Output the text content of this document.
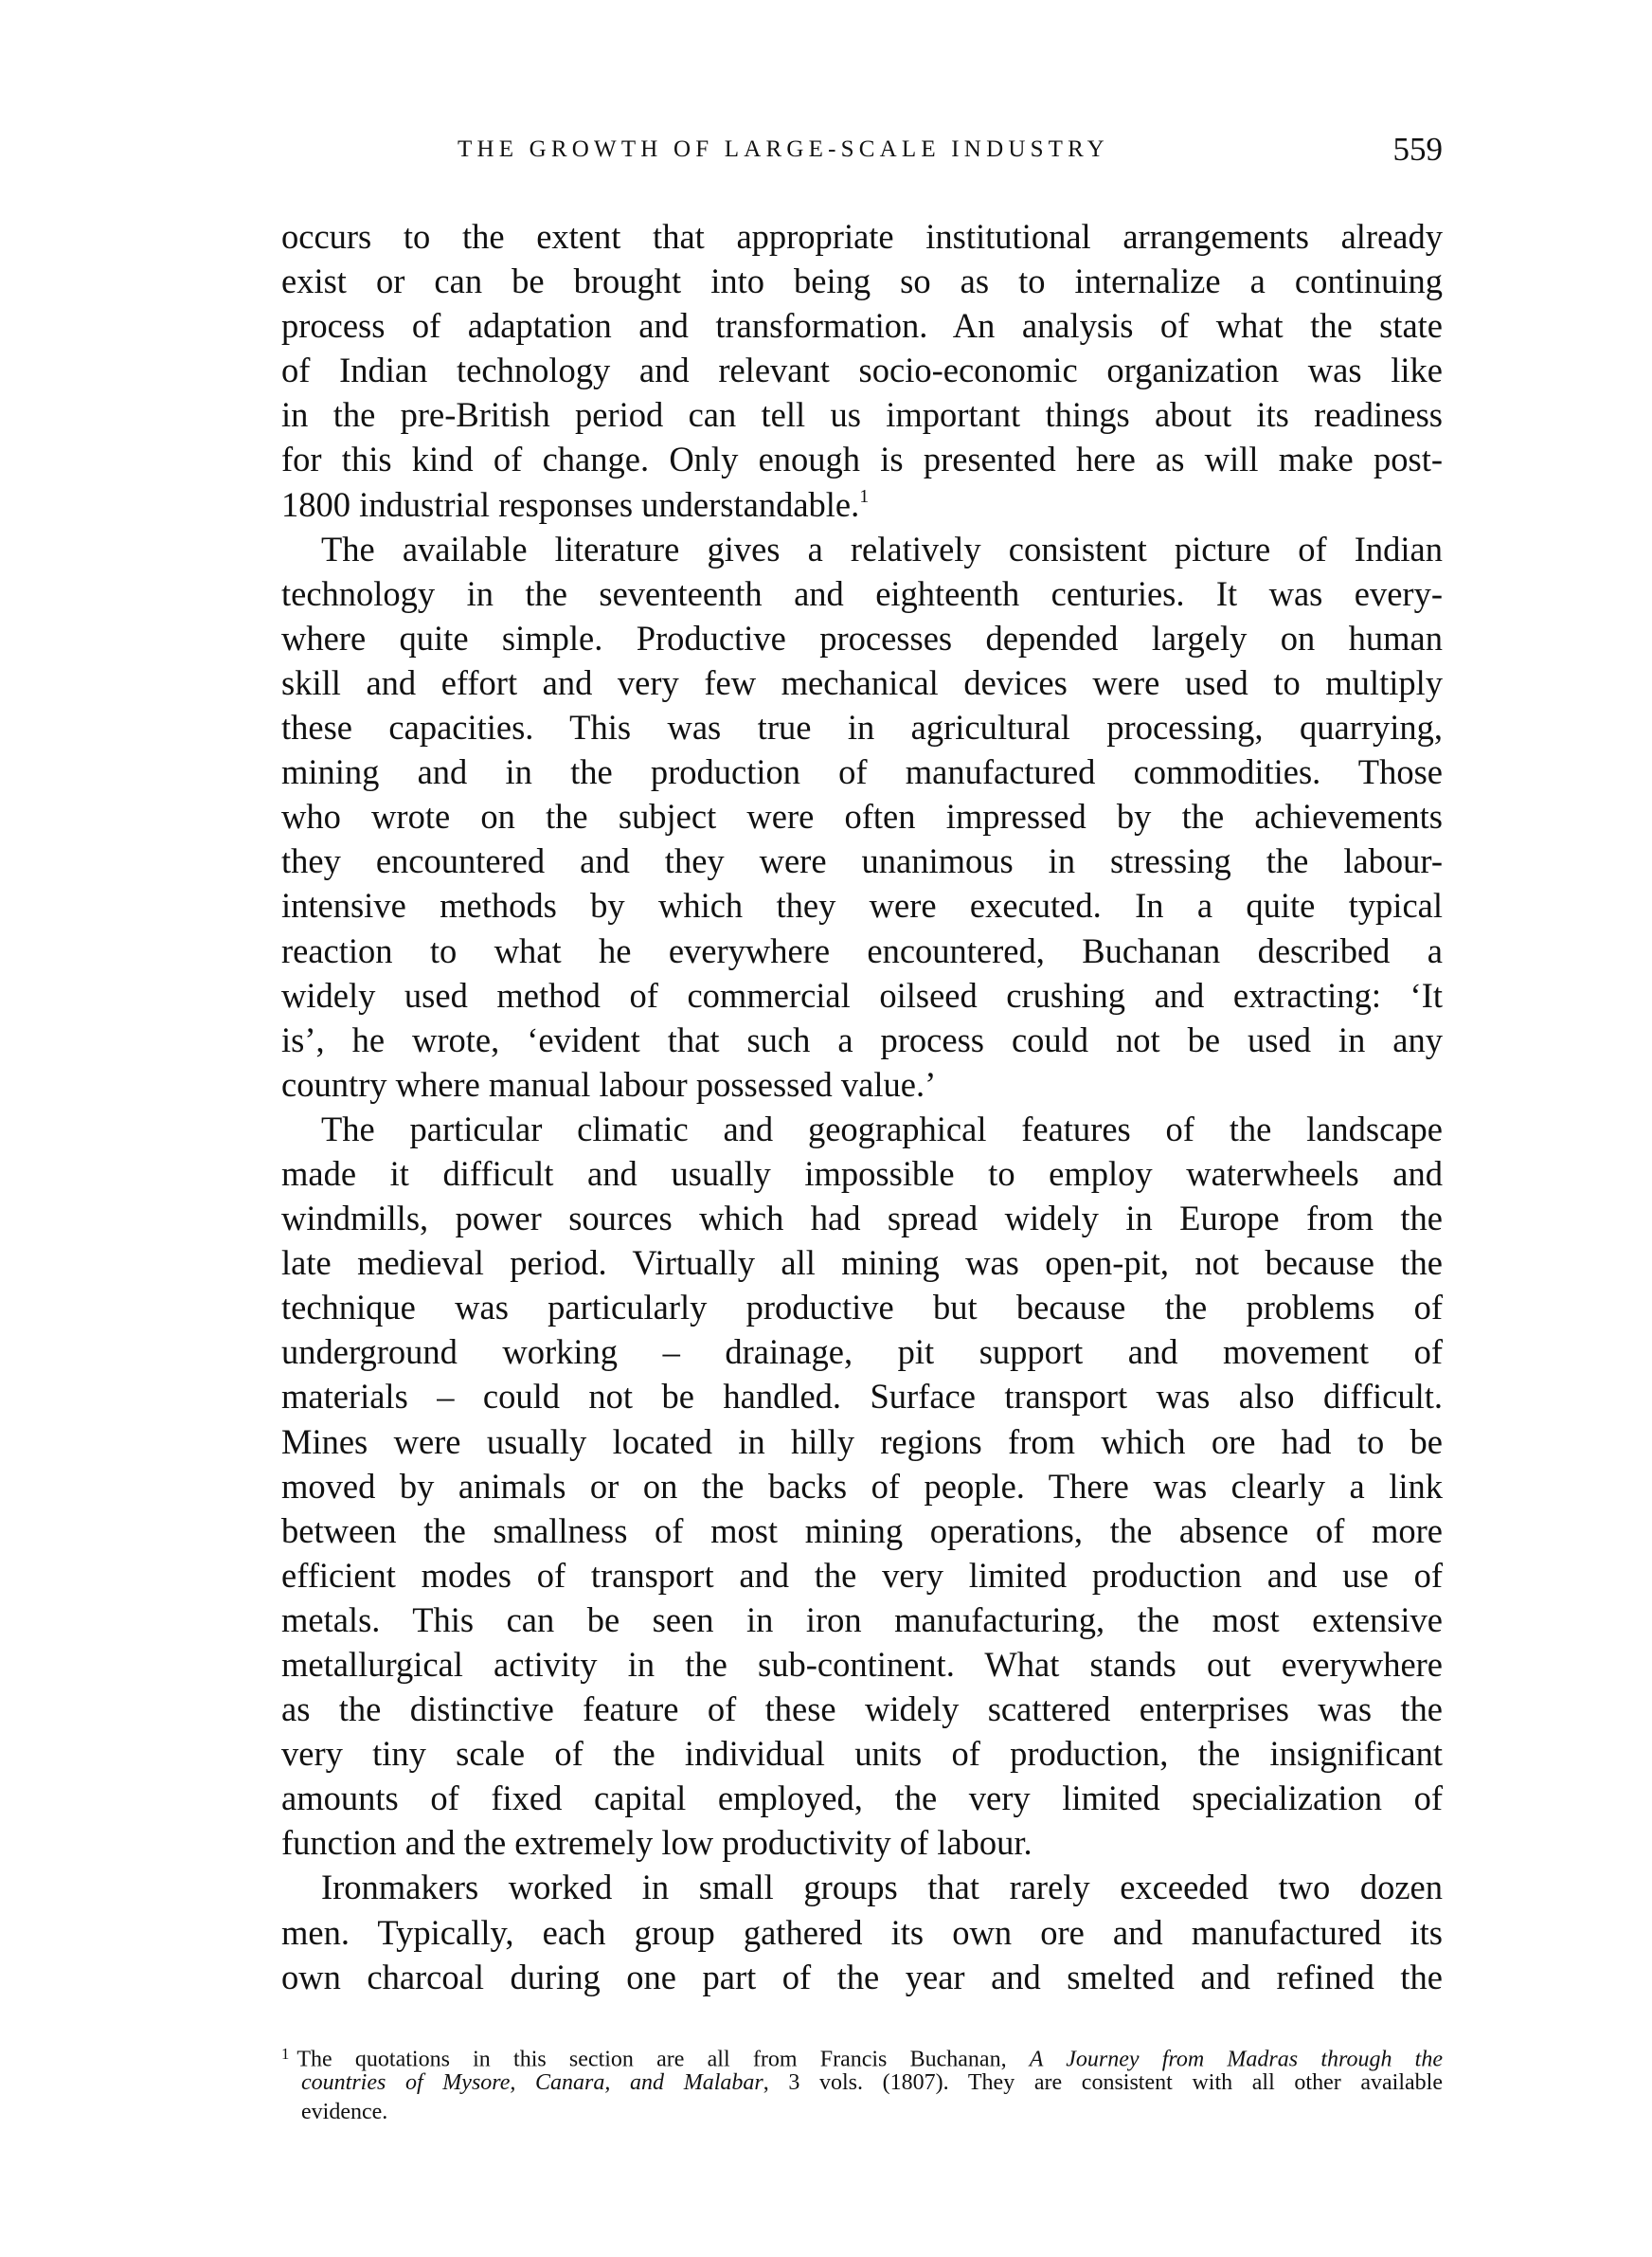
THE GROWTH OF LARGE-SCALE INDUSTRY	559
occurs to the extent that appropriate institutional arrangements already
exist or can be brought into being so as to internalize a continuing
process of adaptation and transformation. An analysis of what the state
of Indian technology and relevant socio-economic organization was like
in the pre-British period can tell us important things about its readiness
for this kind of change. Only enough is presented here as will make post-
1800 industrial responses understandable.$^1$
The available literature gives a relatively consistent picture of Indian
technology in the seventeenth and eighteenth centuries. It was every-
where quite simple. Productive processes depended largely on human
skill and effort and very few mechanical devices were used to multiply
these capacities. This was true in agricultural processing, quarrying,
mining and in the production of manufactured commodities. Those
who wrote on the subject were often impressed by the achievements
they encountered and they were unanimous in stressing the labour-
intensive methods by which they were executed. In a quite typical
reaction to what he everywhere encountered, Buchanan described a
widely used method of commercial oilseed crushing and extracting: ‘It
is’, he wrote, ‘evident that such a process could not be used in any
country where manual labour possessed value.’
The particular climatic and geographical features of the landscape
made it difficult and usually impossible to employ waterwheels and
windmills, power sources which had spread widely in Europe from the
late medieval period. Virtually all mining was open-pit, not because the
technique was particularly productive but because the problems of
underground working – drainage, pit support and movement of
materials – could not be handled. Surface transport was also difficult.
Mines were usually located in hilly regions from which ore had to be
moved by animals or on the backs of people. There was clearly a link
between the smallness of most mining operations, the absence of more
efficient modes of transport and the very limited production and use of
metals. This can be seen in iron manufacturing, the most extensive
metallurgical activity in the sub-continent. What stands out everywhere
as the distinctive feature of these widely scattered enterprises was the
very tiny scale of the individual units of production, the insignificant
amounts of fixed capital employed, the very limited specialization of
function and the extremely low productivity of labour.
Ironmakers worked in small groups that rarely exceeded two dozen
men. Typically, each group gathered its own ore and manufactured its
own charcoal during one part of the year and smelted and refined the
$^1$ The quotations in this section are all from Francis Buchanan, A Journey from Madras through the
countries of Mysore, Canara, and Malabar, 3 vols. (1807). They are consistent with all other available
evidence.
